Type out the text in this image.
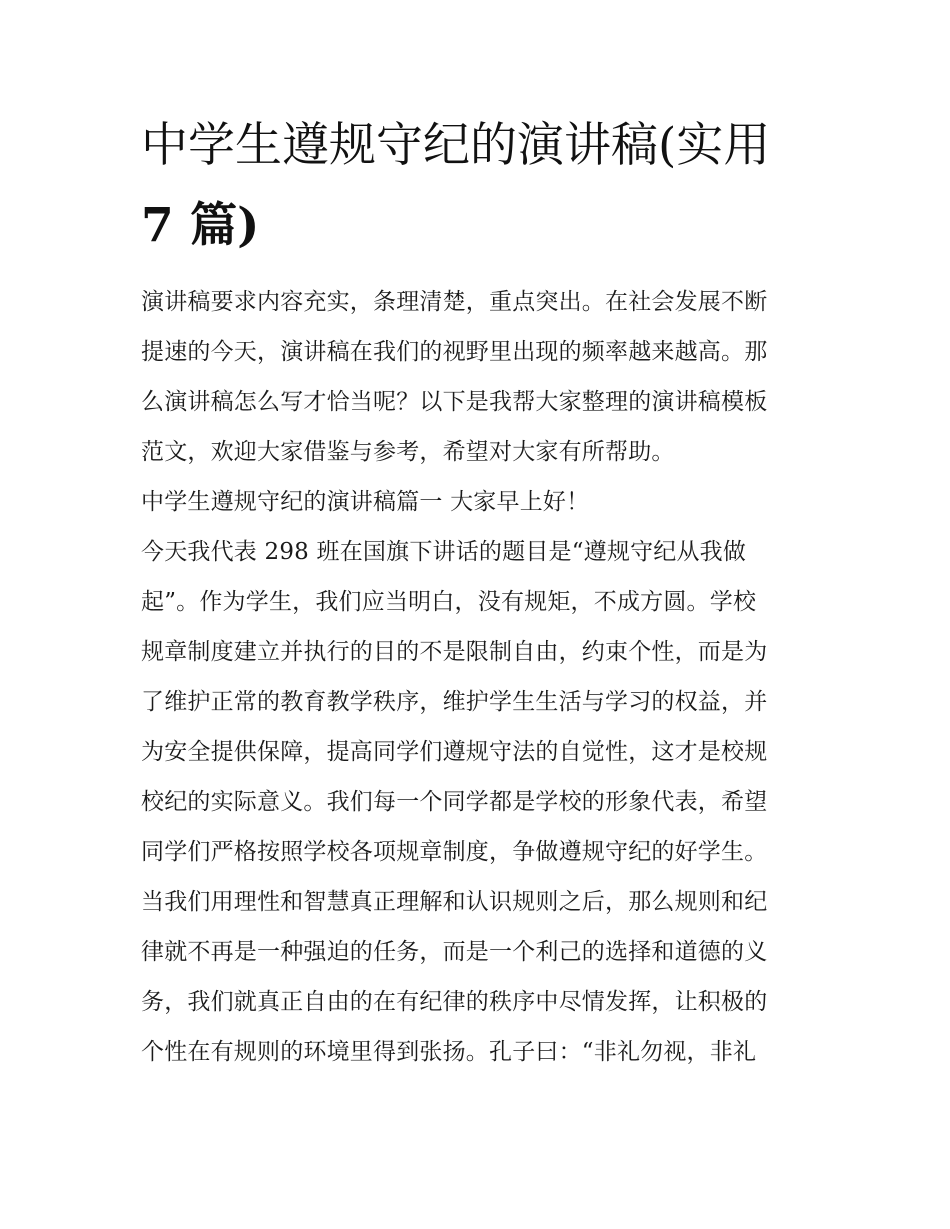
中学生遵规守纪的演讲稿(实用
7 篇)
演讲稿要求内容充实，条理清楚，重点突出。在社会发展不断
提速的今天，演讲稿在我们的视野里出现的频率越来越高。那
么演讲稿怎么写才恰当呢？以下是我帮大家整理的演讲稿模板
范文，欢迎大家借鉴与参考，希望对大家有所帮助。
中学生遵规守纪的演讲稿篇一 大家早上好！
今天我代表 298 班在国旗下讲话的题目是“遵规守纪从我做
起”。作为学生，我们应当明白，没有规矩，不成方圆。学校
规章制度建立并执行的目的不是限制自由，约束个性，而是为
了维护正常的教育教学秩序，维护学生生活与学习的权益，并
为安全提供保障，提高同学们遵规守法的自觉性，这才是校规
校纪的实际意义。我们每一个同学都是学校的形象代表，希望
同学们严格按照学校各项规章制度，争做遵规守纪的好学生。
当我们用理性和智慧真正理解和认识规则之后，那么规则和纪
律就不再是一种强迫的任务，而是一个利己的选择和道德的义
务，我们就真正自由的在有纪律的秩序中尽情发挥，让积极的
个性在有规则的环境里得到张扬。孔子曰：“非礼勿视，非礼
